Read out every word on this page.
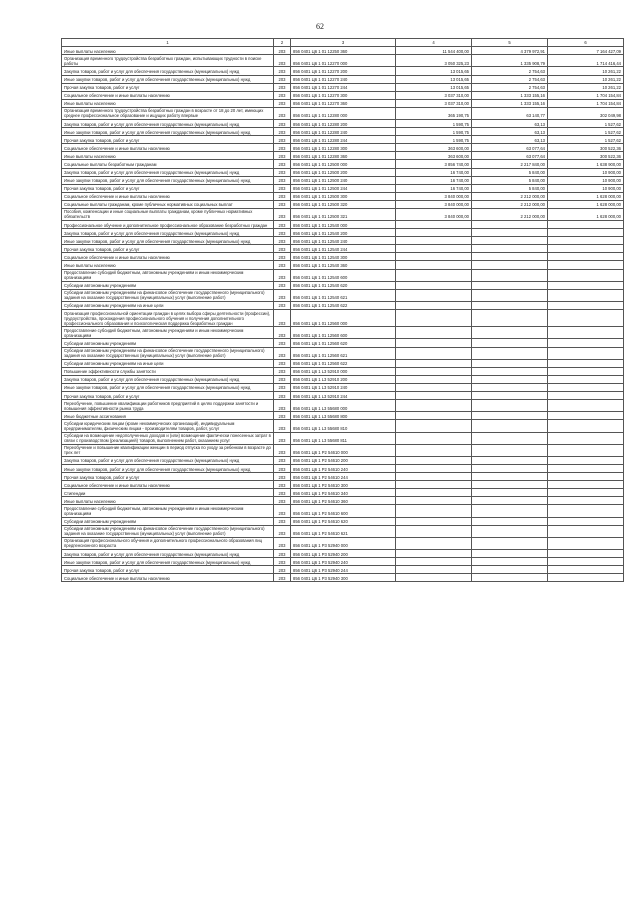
62
1	2	3	4	5	6
Иные выплаты населению	203	856 0401 Ц6 1 01 12250 360	11 544 400,00	4 379 972,91	7 164 427,09
Организация временного трудоустройства безработных граждан, испытывающих трудности в поиске работы	203	856 0401 Ц6 1 01 12270 000	3 050 325,23	1 335 908,79	1 714 416,44
Закупка товаров, работ и услуг для обеспечения государственных (муниципальных) нужд	203	856 0401 Ц6 1 01 12270 200	13 015,65	2 754,63	10 261,22
Иные закупки товаров, работ и услуг для обеспечения государственных (муниципальных) нужд	203	856 0401 Ц6 1 01 12270 240	13 015,65	2 754,63	10 261,22
Прочая закупка товаров, работ и услуг	203	856 0401 Ц6 1 01 12270 244	13 015,65	2 754,63	10 261,22
Социальное обеспечение и иные выплаты населению	203	856 0401 Ц6 1 01 12270 300	3 037 310,00	1 333 155,16	1 704 154,84
Иные выплаты населению	203	856 0401 Ц6 1 01 12270 360	3 037 310,00	1 333 155,16	1 704 154,84
Организация временного трудоустройства безработных граждан в возрасте от 18 до 20 лет, имеющих среднее профессиональное образование и ищущих работу впервые	203	856 0401 Ц6 1 01 12280 000	365 190,75	63 140,77	302 049,98
Закупка товаров, работ и услуг для обеспечения государственных (муниципальных) нужд	203	856 0401 Ц6 1 01 12280 200	1 590,75	63,13	1 527,62
Иные закупки товаров, работ и услуг для обеспечения государственных (муниципальных) нужд	203	856 0401 Ц6 1 01 12280 240	1 590,75	63,13	1 527,62
Прочая закупка товаров, работ и услуг	203	856 0401 Ц6 1 01 12280 244	1 590,75	63,13	1 527,62
Социальное обеспечение и иные выплаты населению	203	856 0401 Ц6 1 01 12280 300	363 600,00	63 077,64	300 522,36
Иные выплаты населению	203	856 0401 Ц6 1 01 12280 360	363 600,00	63 077,64	300 522,36
Социальные выплаты безработным гражданам	203	856 0401 Ц6 1 01 12500 000	3 856 740,00	2 217 840,00	1 638 900,00
Закупка товаров, работ и услуг для обеспечения государственных (муниципальных) нужд	203	856 0401 Ц6 1 01 12500 200	16 740,00	5 840,00	10 900,00
Иные закупки товаров, работ и услуг для обеспечения государственных (муниципальных) нужд	203	856 0401 Ц6 1 01 12500 240	16 740,00	5 840,00	10 900,00
Прочая закупка товаров, работ и услуг	203	856 0401 Ц6 1 01 12500 244	16 740,00	5 840,00	10 900,00
Социальное обеспечение и иные выплаты населению	203	856 0401 Ц6 1 01 12500 300	3 840 000,00	2 212 000,00	1 628 000,00
Социальные выплаты гражданам, кроме публичных нормативных социальных выплат	203	856 0401 Ц6 1 01 12500 320	3 840 000,00	2 212 000,00	1 628 000,00
Пособия, компенсации и иные социальные выплаты гражданам, кроме публичных нормативных обязательств	203	856 0401 Ц6 1 01 12500 321	3 840 000,00	2 212 000,00	1 628 000,00
Профессиональное обучение и дополнительное профессиональное образование безработных граждан	203	856 0401 Ц6 1 01 12540 000			
Закупка товаров, работ и услуг для обеспечения государственных (муниципальных) нужд	203	856 0401 Ц6 1 01 12540 200			
Иные закупки товаров, работ и услуг для обеспечения государственных (муниципальных) нужд	203	856 0401 Ц6 1 01 12540 240			
Прочая закупка товаров, работ и услуг	203	856 0401 Ц6 1 01 12540 244			
Социальное обеспечение и иные выплаты населению	203	856 0401 Ц6 1 01 12540 300			
Иные выплаты населению	203	856 0401 Ц6 1 01 12540 360			
Предоставление субсидий бюджетным, автономным учреждениям и иным некоммерческим организациям	203	856 0401 Ц6 1 01 12540 600			
Субсидии автономным учреждениям	203	856 0401 Ц6 1 01 12540 620			
Субсидии автономным учреждениям на финансовое обеспечение государственного (муниципального) задания на оказание государственных (муниципальных) услуг (выполнение работ)	203	856 0401 Ц6 1 01 12540 621			
Субсидии автономным учреждениям на иные цели	203	856 0401 Ц6 1 01 12540 622			
Организация профессиональной ориентации граждан в целях выбора сферы деятельности (профессии), трудоустройства, прохождения профессионального обучения и получения дополнительного профессионального образования и психологическая поддержка безработных граждан	203	856 0401 Ц6 1 01 12560 000			
Предоставление субсидий бюджетным, автономным учреждениям и иным некоммерческим организациям	203	856 0401 Ц6 1 01 12560 600			
Субсидии автономным учреждениям	203	856 0401 Ц6 1 01 12560 620			
Субсидии автономным учреждениям на финансовое обеспечение государственного (муниципального) задания на оказание государственных (муниципальных) услуг (выполнение работ)	203	856 0401 Ц6 1 01 12560 621			
Субсидии автономным учреждениям на иные цели	203	856 0401 Ц6 1 01 12560 622			
Повышение эффективности службы занятости	203	856 0401 Ц6 1 L3 52910 000			
Закупка товаров, работ и услуг для обеспечения государственных (муниципальных) нужд	203	856 0401 Ц6 1 L3 52910 200			
Иные закупки товаров, работ и услуг для обеспечения государственных (муниципальных) нужд	203	856 0401 Ц6 1 L3 52910 240			
Прочая закупка товаров, работ и услуг	203	856 0401 Ц6 1 L3 52910 244			
Переобучение, повышение квалификации работников предприятий в целях поддержки занятости и повышения эффективности рынка труда	203	856 0401 Ц6 1 L3 55680 000			
Иные бюджетные ассигнования	203	856 0401 Ц6 1 L3 55680 800			
Субсидии юридическим лицам (кроме некоммерческих организаций), индивидуальным предпринимателям, физическим лицам - производителям товаров, работ, услуг	203	856 0401 Ц6 1 L3 55680 810			
Субсидии на возмещение недополученных доходов и (или) возмещение фактически понесенных затрат в связи с производством (реализацией) товаров, выполнением работ, оказанием услуг	203	856 0401 Ц6 1 L3 55680 811			
Переобучение и повышение квалификации женщин в период отпуска по уходу за ребенком в возрасте до трех лет	203	856 0401 Ц6 1 P2 54610 000			
Закупка товаров, работ и услуг для обеспечения государственных (муниципальных) нужд	203	856 0401 Ц6 1 P2 54610 200			
Иные закупки товаров, работ и услуг для обеспечения государственных (муниципальных) нужд	203	856 0401 Ц6 1 P2 54610 240			
Прочая закупка товаров, работ и услуг	203	856 0401 Ц6 1 P2 54610 244			
Социальное обеспечение и иные выплаты населению	203	856 0401 Ц6 1 P2 54610 300			
Стипендии	203	856 0401 Ц6 1 P2 54610 340			
Иные выплаты населению	203	856 0401 Ц6 1 P2 54610 360			
Предоставление субсидий бюджетным, автономным учреждениям и иным некоммерческим организациям	203	856 0401 Ц6 1 P2 54610 600			
Субсидии автономным учреждениям	203	856 0401 Ц6 1 P2 54610 620			
Субсидии автономным учреждениям на финансовое обеспечение государственного (муниципального) задания на оказание государственных (муниципальных) услуг (выполнение работ)	203	856 0401 Ц6 1 P2 54610 621			
Организация профессионального обучения и дополнительного профессионального образования лиц предпенсионного возраста	203	856 0401 Ц6 1 P3 52940 000			
Закупка товаров, работ и услуг для обеспечения государственных (муниципальных) нужд	203	856 0401 Ц6 1 P3 52940 200			
Иные закупки товаров, работ и услуг для обеспечения государственных (муниципальных) нужд	203	856 0401 Ц6 1 P3 52940 240			
Прочая закупка товаров, работ и услуг	203	856 0401 Ц6 1 P3 52940 244			
Социальное обеспечение и иные выплаты населению	203	856 0401 Ц6 1 P3 52940 300			
